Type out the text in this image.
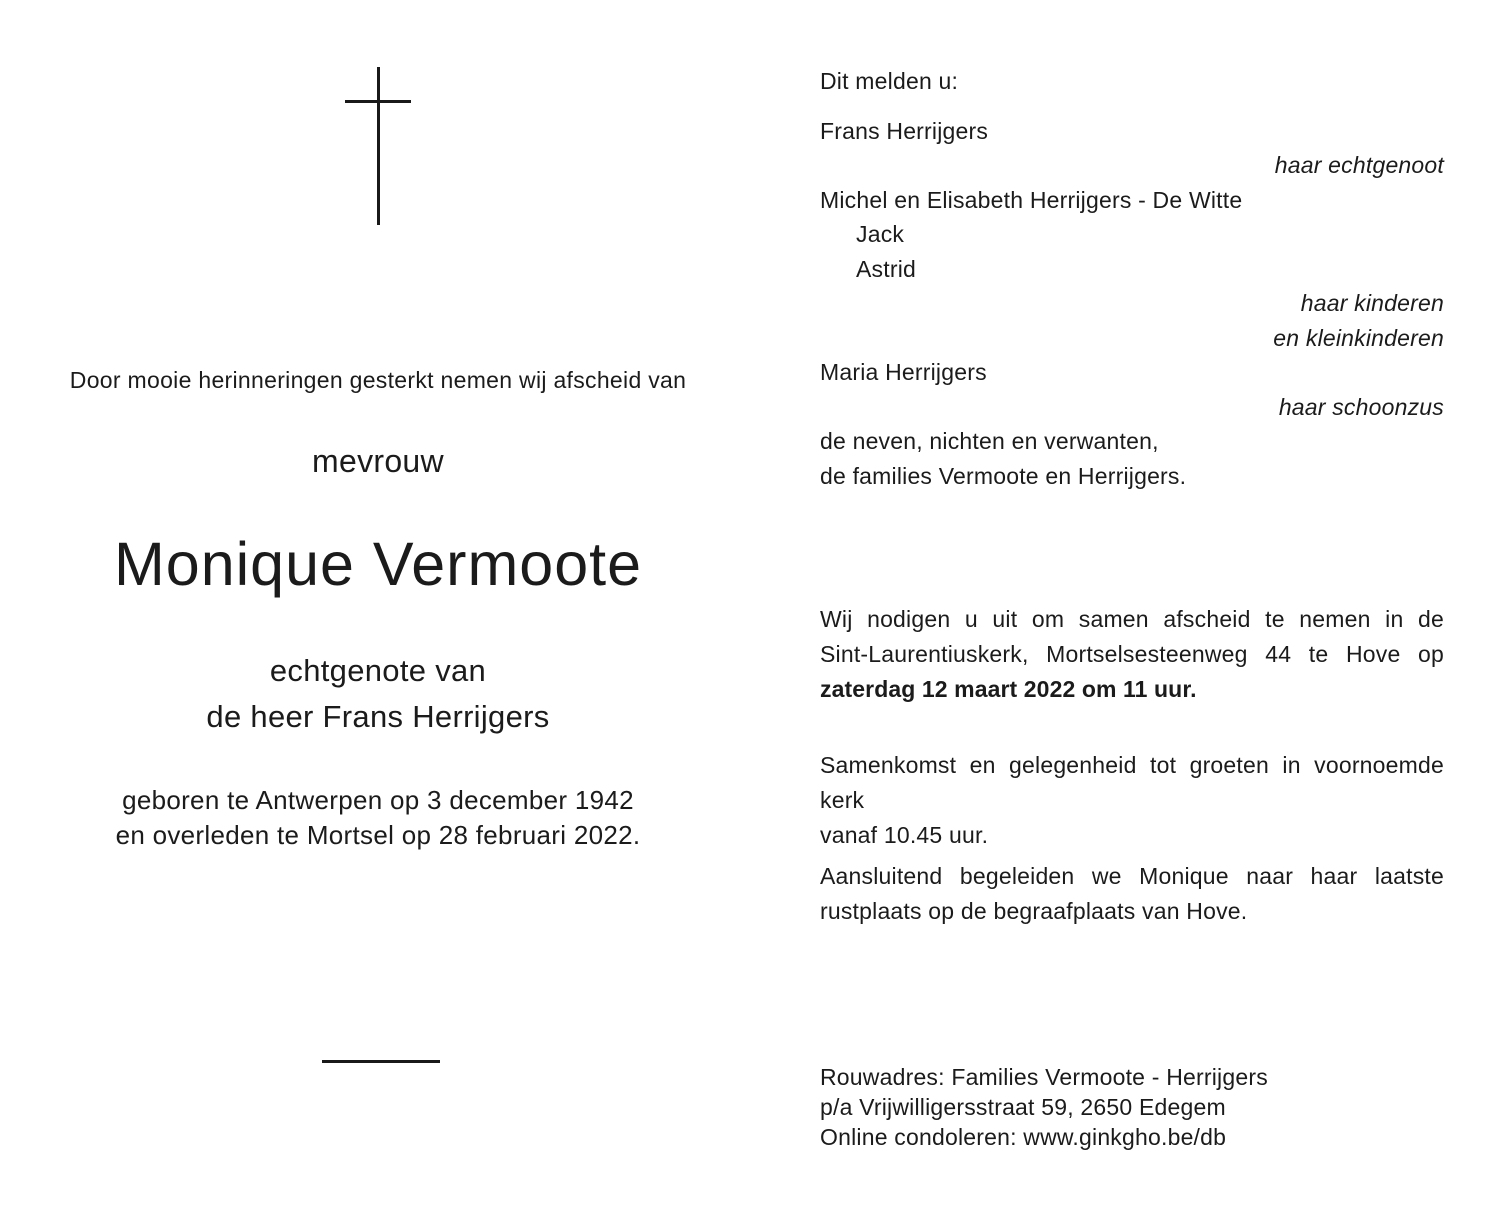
Door mooie herinneringen gesterkt nemen wij afscheid van
mevrouw
Monique Vermoote
echtgenote van
de heer Frans Herrijgers
geboren te Antwerpen op 3 december 1942
en overleden te Mortsel op 28 februari 2022.
Dit melden u:
Frans Herrijgers
haar echtgenoot
Michel en Elisabeth Herrijgers - De Witte
Jack
Astrid
haar kinderen
en kleinkinderen
Maria Herrijgers
haar schoonzus
de neven, nichten en verwanten,
de families Vermoote en Herrijgers.
Wij nodigen u uit om samen afscheid te nemen in de
Sint-Laurentiuskerk, Mortselsesteenweg 44 te Hove op
zaterdag 12 maart 2022 om 11 uur.
Samenkomst en gelegenheid tot groeten in voornoemde kerk
vanaf 10.45 uur.
Aansluitend begeleiden we Monique naar haar laatste
rustplaats op de begraafplaats van Hove.
Rouwadres: Families Vermoote - Herrijgers
p/a Vrijwilligersstraat 59, 2650 Edegem
Online condoleren: www.ginkgho.be/db
